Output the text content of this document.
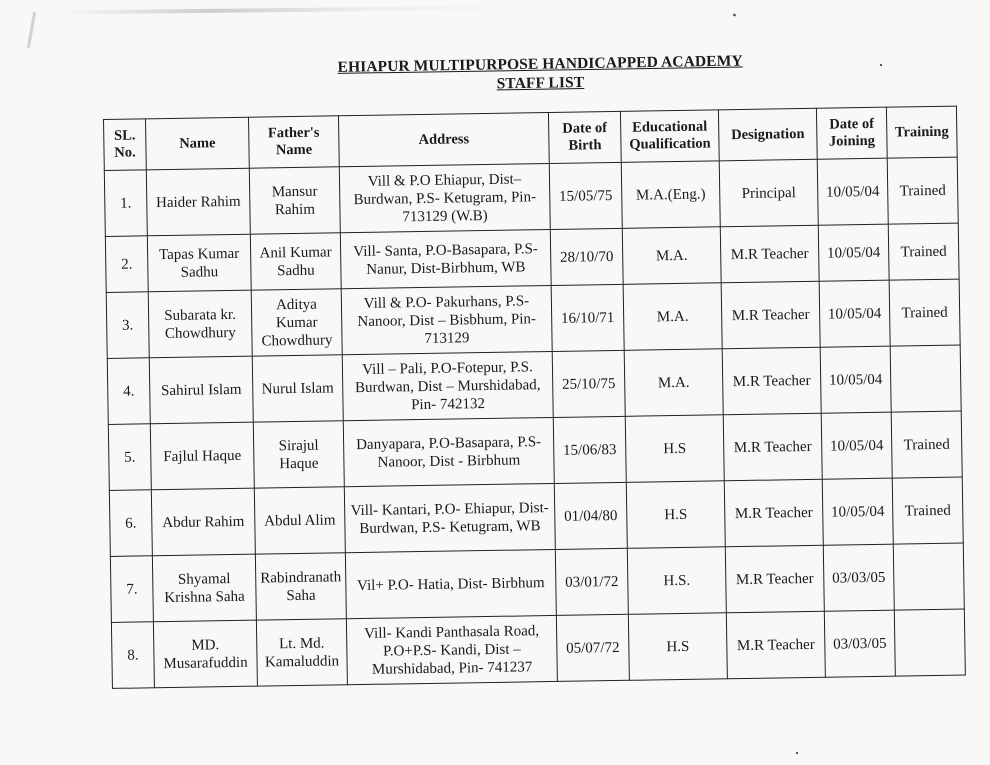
EHIAPUR MULTIPURPOSE HANDICAPPED ACADEMY
STAFF LIST
SL. No.	Name	Father's Name	Address	Date of Birth	Educational Qualification	Designation	Date of Joining	Training
1.	Haider Rahim	Mansur Rahim	Vill & P.O Ehiapur, Dist– Burdwan, P.S- Ketugram, Pin- 713129 (W.B)	15/05/75	M.A.(Eng.)	Principal	10/05/04	Trained
2.	Tapas Kumar Sadhu	Anil Kumar Sadhu	Vill- Santa, P.O-Basapara, P.S- Nanur, Dist-Birbhum, WB	28/10/70	M.A.	M.R Teacher	10/05/04	Trained
3.	Subarata kr. Chowdhury	Aditya Kumar Chowdhury	Vill & P.O- Pakurhans, P.S- Nanoor, Dist – Bisbhum, Pin- 713129	16/10/71	M.A.	M.R Teacher	10/05/04	Trained
4.	Sahirul Islam	Nurul Islam	Vill – Pali, P.O-Fotepur, P.S. Burdwan, Dist – Murshidabad, Pin- 742132	25/10/75	M.A.	M.R Teacher	10/05/04	
5.	Fajlul Haque	Sirajul Haque	Danyapara, P.O-Basapara, P.S- Nanoor, Dist - Birbhum	15/06/83	H.S	M.R Teacher	10/05/04	Trained
6.	Abdur Rahim	Abdul Alim	Vill- Kantari, P.O- Ehiapur, Dist- Burdwan, P.S- Ketugram, WB	01/04/80	H.S	M.R Teacher	10/05/04	Trained
7.	Shyamal Krishna Saha	Rabindranath Saha	Vil+ P.O- Hatia, Dist- Birbhum	03/01/72	H.S.	M.R Teacher	03/03/05	
8.	MD. Musarafuddin	Lt. Md. Kamaluddin	Vill- Kandi Panthasala Road, P.O+P.S- Kandi, Dist – Murshidabad, Pin- 741237	05/07/72	H.S	M.R Teacher	03/03/05	
